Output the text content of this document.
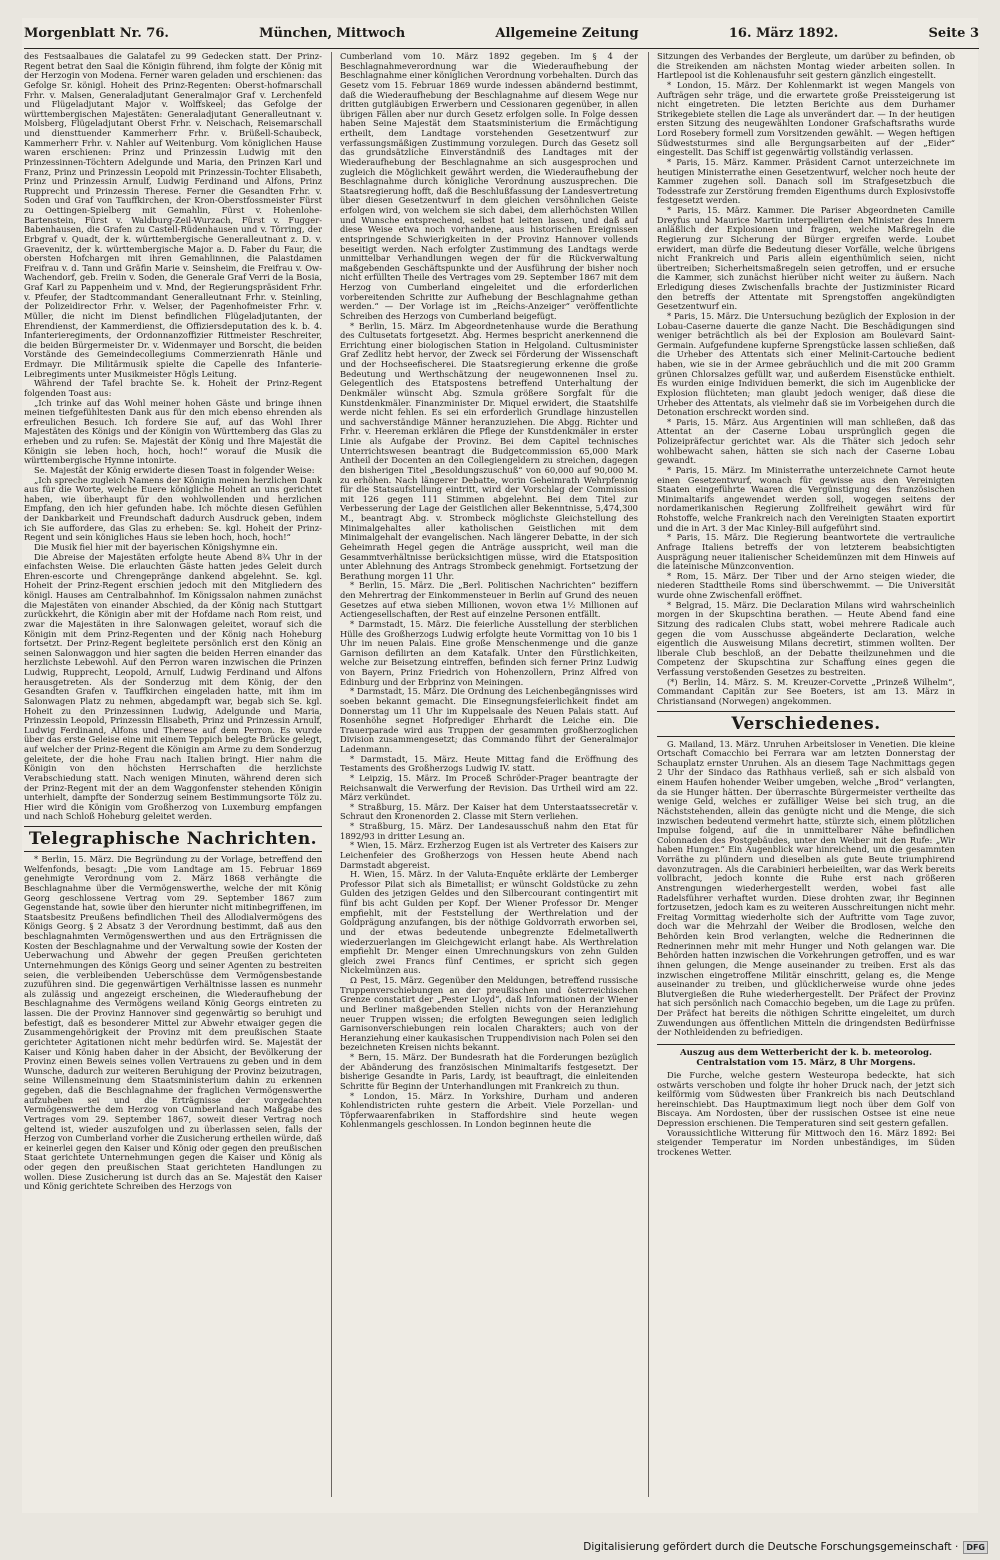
Morgenblatt Nr. 76.	München, Mittwoch	Allgemeine Zeitung	16. März 1892.	Seite 3

des Festsaalbaues die Galatafel zu 99 Gedecken statt. Der Prinz-Regent betrat den Saal die Königin führend, ihm folgte der König mit der Herzogin von Modena. Ferner waren geladen und erschienen: das Gefolge Sr. königl. Hoheit des Prinz-Regenten: Oberst-hofmarschall Frhr. v. Malsen, Generaladjutant Generalmajor Graf v. Lerchenfeld und Flügeladjutant Major v. Wolffskeel; das Gefolge der württembergischen Majestäten: Generaladjutant Generalleutnant v. Molsberg, Flügeladjutant Oberst Frhr. v. Neischach, Reisemarschall und diensttuender Kammerherr Frhr. v. Brüßell-Schaubeck, Kammerherr Frhr. v. Nahler auf Weitenburg. Vom königlichen Hause waren erschienen: Prinz und Prinzessin Ludwig mit den Prinzessinnen-Töchtern Adelgunde und Maria, den Prinzen Karl und Franz, Prinz und Prinzessin Leopold mit Prinzessin-Tochter Elisabeth, Prinz und Prinzessin Arnulf, Ludwig Ferdinand und Alfons, Prinz Rupprecht und Prinzessin Therese. Ferner die Gesandten Frhr. v. Soden und Graf von Tauffkirchen, der Kron-Oberstfossmeister Fürst zu Oettingen-Spielberg mit Gemahlin, Fürst v. Hohenlohe-Bartenstein, Fürst v. Waldburg-Zeil-Wurzach, Fürst v. Fugger-Babenhausen, die Grafen zu Castell-Rüdenhausen und v. Törring, der Erbgraf v. Quadt, der k. württembergische Generalleutnant z. D. v. Graevenitz, der k. württembergische Major a. D. Faber du Faur, die obersten Hofchargen mit ihren Gemahlinnen, die Palastdamen Freifrau v. d. Tann und Gräfin Marie v. Seinsheim, die Freifrau v. Ow-Wachendorf, geb. Freiin v. Soden, die Generale Graf Verri de la Bosia, Graf Karl zu Pappenheim und v. Mnd, der Regierungspräsident Frhr. v. Pfeufer, der Stadtcommandant Generalleutnant Frhr. v. Steinling, der Polizeidirector Frhr. v. Welser, der Pagenhofmeister Frhr. v. Müller, die nicht im Dienst befindlichen Flügeladjutanten, der Ehrendienst, der Kammerdienst, die Offiziersdeputation des k. b. 4. Infanterieregiments, der Ordonnanzoffizier Rittmeister Reschreiter, die beiden Bürgermeister Dr. v. Widenmayer und Borscht, die beiden Vorstände des Gemeindecollegiums Commerzienrath Hänle und Erdmayr. Die Militärmusik spielte die Capelle des Infanterie-Leibregiments unter Musikmeister Högls Leitung.

Während der Tafel brachte Se. k. Hoheit der Prinz-Regent folgenden Toast aus:

„Ich trinke auf das Wohl meiner hohen Gäste und bringe ihnen meinen tiefgefühltesten Dank aus für den mich ebenso ehrenden als erfreulichen Besuch. Ich fordere Sie auf, auf das Wohl Ihrer Majestäten des Königs und der Königin von Württemberg das Glas zu erheben und zu rufen: Se. Majestät der König und Ihre Majestät die Königin sie leben hoch, hoch, hoch!“ worauf die Musik die württembergische Hymne intonirte.

Se. Majestät der König erwiderte diesen Toast in folgender Weise:

„Ich spreche zugleich Namens der Königin meinen herzlichen Dank aus für die Worte, welche Euere königliche Hoheit an uns gerichtet haben, wie überhaupt für den wohlwollenden und herzlichen Empfang, den ich hier gefunden habe. Ich möchte diesen Gefühlen der Dankbarkeit und Freundschaft dadurch Ausdruck geben, indem ich Sie auffordere, das Glas zu erheben: Se. kgl. Hoheit der Prinz-Regent und sein königliches Haus sie leben hoch, hoch, hoch!“

Die Musik fiel hier mit der bayerischen Königshymne ein.

Die Abreise der Majestäten erfolgte heute Abend 8¾ Uhr in der einfachsten Weise. Die erlauchten Gäste hatten jedes Geleit durch Ehren-escorte und Chrengepränge dankend abgelehnt. Se. kgl. Hoheit der Prinz-Regent erschien jedoch mit den Mitgliedern des königl. Hauses am Centralbahnhof. Im Königssalon nahmen zunächst die Majestäten von einander Abschied, da der König nach Stuttgart zurückkehrt, die Königin aber mit der Hofdame nach Rom reist, und zwar die Majestäten in ihre Salonwagen geleitet, worauf sich die Königin mit dem Prinz-Regenten und der König nach Hoheburg fortsetzt. Der Prinz-Regent begleitete persönlich erst den König an seinen Salonwaggon und hier sagten die beiden Herren einander das herzlichste Lebewohl. Auf den Perron waren inzwischen die Prinzen Ludwig, Rupprecht, Leopold, Arnulf, Ludwig Ferdinand und Alfons herausgetreten. Als der Sonderzug mit dem König, der den Gesandten Grafen v. Tauffkirchen eingeladen hatte, mit ihm im Salonwagen Platz zu nehmen, abgedampft war, begab sich Se. kgl. Hoheit zu den Prinzessinnen Ludwig, Adelgunde und Maria, Prinzessin Leopold, Prinzessin Elisabeth, Prinz und Prinzessin Arnulf, Ludwig Ferdinand, Alfons und Therese auf dem Perron. Es wurde über das erste Geleise eine mit einem Teppich belegte Brücke gelegt, auf welcher der Prinz-Regent die Königin am Arme zu dem Sonderzug geleitete, der die hohe Frau nach Italien bringt. Hier nahm die Königin von den höchsten Herrschaften die herzlichste Verabschiedung statt. Nach wenigen Minuten, während deren sich der Prinz-Regent mit der an dem Waggonfenster stehenden Königin unterhielt, dampfte der Sonderzug seinem Bestimmungsorte Tölz zu. Hier wird die Königin vom Großherzog von Luxemburg empfangen und nach Schloß Hoheburg geleitet werden.

Telegraphische Nachrichten.

* Berlin, 15. März. Die Begründung zu der Vorlage, betreffend den Welfenfonds, besagt: „Die vom Landtage am 15. Februar 1869 genehmigte Verordnung vom 2. März 1868 verhängte die Beschlagnahme über die Vermögenswerthe, welche der mit König Georg geschlossene Vertrag vom 29. September 1867 zum Gegenstande hat, sowie über den hierunter nicht mitinbegriffenen, im Staatsbesitz Preußens befindlichen Theil des Allodialvermögens des Königs Georg. § 2 Absatz 3 der Verordnung bestimmt, daß aus den beschlagnahmten Vermögenswerthen und aus den Erträgnissen die Kosten der Beschlagnahme und der Verwaltung sowie der Kosten der Ueberwachung und Abwehr der gegen Preußen gerichteten Unternehmungen des Königs Georg und seiner Agenten zu bestreiten seien, die verbleibenden Ueberschüsse dem Vermögensbestande zuzuführen sind. Die gegenwärtigen Verhältnisse lassen es nunmehr als zulässig und angezeigt erscheinen, die Wiederaufhebung der Beschlagnahme des Vermögens weiland König Georgs eintreten zu lassen. Die der Provinz Hannover sind gegenwärtig so beruhigt und befestigt, daß es besonderer Mittel zur Abwehr etwaiger gegen die Zusammengehörigkeit der Provinz mit dem preußischen Staate gerichteter Agitationen nicht mehr bedürfen wird. Se. Majestät der Kaiser und König haben daher in der Absicht, der Bevölkerung der Provinz einen Beweis seines vollen Vertrauens zu geben und in dem Wunsche, dadurch zur weiteren Beruhigung der Provinz beizutragen, seine Willensmeinung dem Staatsministerium dahin zu erkennen gegeben, daß die Beschlagnahme der fraglichen Vermögenswerthe aufzuheben sei und die Erträgnisse der vorgedachten Vermögenswerthe dem Herzog von Cumberland nach Maßgabe des Vertrages vom 29. September 1867, soweit dieser Vertrag noch geltend ist, wieder auszufolgen und zu überlassen seien, falls der Herzog von Cumberland vorher die Zusicherung ertheilen würde, daß er keinerlei gegen den Kaiser und König oder gegen den preußischen Staat gerichtete Unternehmungen gegen die Kaiser und König als oder gegen den preußischen Staat gerichteten Handlungen zu wollen. Diese Zusicherung ist durch das an Se. Majestät den Kaiser und König gerichtete Schreiben des Herzogs von

Cumberland vom 10. März 1892 gegeben. Im § 4 der Beschlagnahmeverordnung war die Wiederaufhebung der Beschlagnahme einer königlichen Verordnung vorbehalten. Durch das Gesetz vom 15. Februar 1869 wurde indessen abändernd bestimmt, daß die Wiederaufhebung der Beschlagnahme auf diesem Wege nur dritten gutgläubigen Erwerbern und Cessionaren gegenüber, in allen übrigen Fällen aber nur durch Gesetz erfolgen solle. In Folge dessen haben Seine Majestät dem Staatsministerium die Ermächtigung ertheilt, dem Landtage vorstehenden Gesetzentwurf zur verfassungsmäßigen Zustimmung vorzulegen. Durch das Gesetz soll das grundsätzliche Einverständniß des Landtages mit der Wiederaufhebung der Beschlagnahme an sich ausgesprochen und zugleich die Möglichkeit gewährt werden, die Wiederaufhebung der Beschlagnahme durch königliche Verordnung auszusprechen. Die Staatsregierung hofft, daß die Beschlußfassung der Landesvertretung über diesen Gesetzentwurf in dem gleichen versöhnlichen Geiste erfolgen wird, von welchem sie sich dabei, dem allerhöchsten Willen und Wunsche entsprechend, selbst hat leiten lassen, und daß auf diese Weise etwa noch vorhandene, aus historischen Ereignissen entspringende Schwierigkeiten in der Provinz Hannover vollends beseitigt werden. Nach erfolgter Zustimmung des Landtags werde unmittelbar Verhandlungen wegen der für die Rückverwaltung maßgebenden Geschäftspunkte und der Ausführung der bisher noch nicht erfüllten Theile des Vertrages vom 29. September 1867 mit dem Herzog von Cumberland eingeleitet und die erforderlichen vorbereitenden Schritte zur Aufhebung der Beschlagnahme gethan werden.“ — Der Vorlage ist im „Reichs-Anzeiger“ veröffentlichte Schreiben des Herzogs von Cumberland beigefügt.

* Berlin, 15. März. Im Abgeordnetenhause wurde die Berathung des Cultusetats fortgesetzt. Abg. Hermes bespricht anerkennend die Errichtung einer biologischen Station in Helgoland. Cultusminister Graf Zedlitz hebt hervor, der Zweck sei Förderung der Wissenschaft und der Hochseefischerei. Die Staatsregierung erkenne die große Bedeutung und Werthschätzung der neugewonnenen Insel zu. Gelegentlich des Etatspostens betreffend Unterhaltung der Denkmäler wünscht Abg. Szmula größere Sorgfalt für die Kunstdenkmäler. Finanzminister Dr. Miquel erwidert, die Staatshilfe werde nicht fehlen. Es sei ein erforderlich Grundlage hinzustellen und sachverständige Männer heranzuziehen. Die Abgg. Richter und Frhr. v. Heereman erklären die Pflege der Kunstdenkmäler in erster Linie als Aufgabe der Provinz. Bei dem Capitel technisches Unterrichtswesen beantragt die Budgetcommission 65,000 Mark Antheil der Docenten an den Collegiengeldern zu streichen, dagegen den bisherigen Titel „Besoldungszuschuß“ von 60,000 auf 90,000 M. zu erhöhen. Nach längerer Debatte, worin Geheimrath Wehrpfennig für die Statsaufstellung eintritt, wird der Vorschlag der Commission mit 126 gegen 111 Stimmen abgelehnt. Bei dem Titel zur Verbesserung der Lage der Geistlichen aller Bekenntnisse, 5,474,300 M., beantragt Abg. v. Strombeck möglichste Gleichstellung des Minimalgehaltes aller katholischen Geistlichen mit dem Minimalgehalt der evangelischen. Nach längerer Debatte, in der sich Geheimrath Hegel gegen die Anträge ausspricht, weil man die Gesammtverhältnisse berücksichtigen müsse, wird die Etatsposition unter Ablehnung des Antrags Strombeck genehmigt. Fortsetzung der Berathung morgen 11 Uhr.

* Berlin, 15. März. Die „Berl. Politischen Nachrichten“ beziffern den Mehrertrag der Einkommensteuer in Berlin auf Grund des neuen Gesetzes auf etwa sieben Millionen, wovon etwa 1½ Millionen auf Actiengesellschaften, der Rest auf einzelne Personen entfällt.

* Darmstadt, 15. März. Die feierliche Ausstellung der sterblichen Hülle des Großherzogs Ludwig erfolgte heute Vormittag von 10 bis 1 Uhr im neuen Palais. Eine große Menschenmenge und die ganze Garnison defilirten an dem Katafalk. Unter den Fürstlichkeiten, welche zur Beisetzung eintreffen, befinden sich ferner Prinz Ludwig von Bayern, Prinz Friedrich von Hohenzollern, Prinz Alfred von Edinburg und der Erbprinz von Meiningen.

* Darmstadt, 15. März. Die Ordnung des Leichenbegängnisses wird soeben bekannt gemacht. Die Einsegnungsfeierlichkeit findet am Donnerstag um 11 Uhr im Kuppelsaale des Neuen Palais statt. Auf Rosenhöhe segnet Hofprediger Ehrhardt die Leiche ein. Die Trauerparade wird aus Truppen der gesammten großherzoglichen Division zusammengesetzt; das Commando führt der Generalmajor Ladenmann.

* Darmstadt, 15. März. Heute Mittag fand die Eröffnung des Testaments des Großherzogs Ludwig IV. statt.

* Leipzig, 15. März. Im Proceß Schröder-Prager beantragte der Reichsanwalt die Verwerfung der Revision. Das Urtheil wird am 22. März verkündet.

* Straßburg, 15. März. Der Kaiser hat dem Unterstaatssecretär v. Schraut den Kronenorden 2. Classe mit Stern verliehen.

* Straßburg, 15. März. Der Landesausschuß nahm den Etat für 1892/93 in dritter Lesung an.

* Wien, 15. März. Erzherzog Eugen ist als Vertreter des Kaisers zur Leichenfeier des Großherzogs von Hessen heute Abend nach Darmstadt abgereist.

H. Wien, 15. März. In der Valuta-Enquête erklärte der Lemberger Professor Pilat sich als Bimetallist; er wünscht Goldstücke zu zehn Gulden des jetzigen Geldes und den Silbercourant contingentirt mit fünf bis acht Gulden per Kopf. Der Wiener Professor Dr. Menger empfiehlt, mit der Feststellung der Werthrelation und der Goldprägung anzufangen, bis der nöthige Goldvorrath erworben sei, und der etwas bedeutende unbegrenzte Edelmetallwerth wiederzuerlangen im Gleichgewicht erlangt habe. Als Werthrelation empfiehlt Dr. Menger einen Umrechnungskurs von zehn Gulden gleich zwei Francs fünf Centimes, er spricht sich gegen Nickelmünzen aus.

Ω Pest, 15. März. Gegenüber den Meldungen, betreffend russische Truppenverschiebungen an der preußischen und österreichischen Grenze constatirt der „Pester Lloyd“, daß Informationen der Wiener und Berliner maßgebenden Stellen nichts von der Heranziehung neuer Truppen wissen; die erfolgten Bewegungen seien lediglich Garnisonverschiebungen rein localen Charakters; auch von der Heranziehung einer kaukasischen Truppendivision nach Polen sei den bezeichneten Kreisen nichts bekannt.

* Bern, 15. März. Der Bundesrath hat die Forderungen bezüglich der Abänderung des französischen Minimaltarifs festgesetzt. Der bisherige Gesandte in Paris, Lardy, ist beauftragt, die einleitenden Schritte für Beginn der Unterhandlungen mit Frankreich zu thun.

* London, 15. März. In Yorkshire, Durham und anderen Kohlendistricten ruhte gestern die Arbeit. Viele Porzellan- und Töpferwaarenfabriken in Staffordshire sind heute wegen Kohlenmangels geschlossen. In London beginnen heute die

Sitzungen des Verbandes der Bergleute, um darüber zu befinden, ob die Streikenden am nächsten Montag wieder arbeiten sollen. In Hartlepool ist die Kohlenausfuhr seit gestern gänzlich eingestellt.

* London, 15. März. Der Kohlenmarkt ist wegen Mangels von Aufträgen sehr träge, und die erwartete große Preissteigerung ist nicht eingetreten. Die letzten Berichte aus dem Durhamer Strikegebiete stellen die Lage als unverändert dar. — In der heutigen ersten Sitzung des neugewählten Londoner Grafschaftsraths wurde Lord Rosebery formell zum Vorsitzenden gewählt. — Wegen heftigen Südweststurmes sind alle Bergungsarbeiten auf der „Eider“ eingestellt. Das Schiff ist gegenwärtig vollständig verlassen.

* Paris, 15. März. Kammer. Präsident Carnot unterzeichnete im heutigen Ministerrathe einen Gesetzentwurf, welcher noch heute der Kammer zugehen soll. Danach soll im Strafgesetzbuch die Todesstrafe zur Zerstörung fremden Eigenthums durch Explosivstoffe festgesetzt werden.

* Paris, 15. März. Kammer. Die Pariser Abgeordneten Camille Dreyfus und Maurice Martin interpellirten den Minister des Innern anläßlich der Explosionen und fragen, welche Maßregeln die Regierung zur Sicherung der Bürger ergreifen werde. Loubet erwidert, man dürfe die Bedeutung dieser Vorfälle, welche übrigens nicht Frankreich und Paris allein eigenthümlich seien, nicht übertreiben; Sicherheitsmaßregeln seien getroffen, und er ersuche die Kammer, sich zunächst hierüber nicht weiter zu äußern. Nach Erledigung dieses Zwischenfalls brachte der Justizminister Ricard den betreffs der Attentate mit Sprengstoffen angekündigten Gesetzentwurf ein.

* Paris, 15. März. Die Untersuchung bezüglich der Explosion in der Lobau-Caserne dauerte die ganze Nacht. Die Beschädigungen sind weniger beträchtlich als bei der Explosion am Boulevard Saint-Germain. Aufgefundene kupferne Sprengstücke lassen schließen, daß die Urheber des Attentats sich einer Melinit-Cartouche bedient haben, wie sie in der Armee gebräuchlich und die mit 200 Gramm grünen Chlorsalzes gefüllt war, und außerdem Eisenstücke enthielt. Es wurden einige Individuen bemerkt, die sich im Augenblicke der Explosion flüchteten; man glaubt jedoch weniger, daß diese die Urheber des Attentats, als vielmehr daß sie im Vorbeigehen durch die Detonation erschreckt worden sind.

* Paris, 15. März. Aus Argentinien will man schließen, daß das Attentat an der Caserne Lobau ursprünglich gegen die Polizeipräfectur gerichtet war. Als die Thäter sich jedoch sehr wohlbewacht sahen, hätten sie sich nach der Caserne Lobau gewandt.

* Paris, 15. März. Im Ministerrathe unterzeichnete Carnot heute einen Gesetzentwurf, wonach für gewisse aus den Vereinigten Staaten eingeführte Waaren die Vergünstigung des französischen Minimaltarifs angewendet werden soll, wogegen seitens der nordamerikanischen Regierung Zollfreiheit gewährt wird für Rohstoffe, welche Frankreich nach den Vereinigten Staaten exportirt und die in Art. 3 der Mac Kinley-Bill aufgeführt sind.

* Paris, 15. März. Die Regierung beantwortete die vertrauliche Anfrage Italiens betreffs der von letzterem beabsichtigten Ausprägung neuer italienischer Scheidemünzen mit dem Hinweis auf die lateinische Münzconvention.

* Rom, 15. März. Der Tiber und der Arno steigen wieder, die niederen Stadttheile Roms sind überschwemmt. — Die Universität wurde ohne Zwischenfall eröffnet.

* Belgrad, 15. März. Die Declaration Milans wird wahrscheinlich morgen in der Skupschtina berathen. — Heute Abend fand eine Sitzung des radicalen Clubs statt, wobei mehrere Radicale auch gegen die vom Ausschusse abgeänderte Declaration, welche eigentlich die Ausweisung Milans decretirt, stimmen wollten. Der liberale Club beschloß, an der Debatte theilzunehmen und die Competenz der Skupschtina zur Schaffung eines gegen die Verfassung verstoßenden Gesetzes zu bestreiten.

(*) Berlin, 14. März. S. M. Kreuzer-Corvette „Prinzeß Wilhelm“, Commandant Capitän zur See Boeters, ist am 13. März in Christiansand (Norwegen) angekommen.

Verschiedenes.

G. Mailand, 13. März. Unruhen Arbeitsloser in Venetien. Die kleine Ortschaft Comacchio bei Ferrara war am letzten Donnerstag der Schauplatz ernster Unruhen. Als an diesem Tage Nachmittags gegen 2 Uhr der Sindaco das Rathhaus verließ, sah er sich alsbald von einem Haufen hohender Weiber umgeben, welche „Brod“ verlangten, da sie Hunger hätten. Der überraschte Bürgermeister vertheilte das wenige Geld, welches er zufälliger Weise bei sich trug, an die Nächststehenden, allein das genügte nicht und die Menge, die sich inzwischen bedeutend vermehrt hatte, stürzte sich, einem plötzlichen Impulse folgend, auf die in unmittelbarer Nähe befindlichen Colonnaden des Postgebäudes, unter den Weiber mit den Rufe: „Wir haben Hunger.“ Ein Augenblick war hinreichend, um die gesammten Vorräthe zu plündern und dieselben als gute Beute triumphirend davonzutragen. Als die Carabinieri herbeieilten, war das Werk bereits vollbracht, jedoch konnte die Ruhe erst nach größeren Anstrengungen wiederhergestellt werden, wobei fast alle Radelsführer verhaftet wurden. Diese drohten zwar, ihr Beginnen fortzusetzen, jedoch kam es zu weiteren Ausschreitungen nicht mehr. Freitag Vormittag wiederholte sich der Auftritte vom Tage zuvor, doch war die Mehrzahl der Weiber die Brodlosen, welche den Behörden kein Brod verlangten, welche die Rednerinnen die Rednerinnen mehr mit mehr Hunger und Noth gelangen war. Die Behörden hatten inzwischen die Vorkehrungen getroffen, und es war ihnen gelungen, die Menge auseinander zu treiben. Erst als das inzwischen eingetroffene Militär einschritt, gelang es, die Menge auseinander zu treiben, und glücklicherweise wurde ohne jedes Blutvergießen die Ruhe wiederhergestellt. Der Präfect der Provinz hat sich persönlich nach Comacchio begeben, um die Lage zu prüfen. Der Präfect hat bereits die nöthigen Schritte eingeleitet, um durch Zuwendungen aus öffentlichen Mitteln die dringendsten Bedürfnisse der Nothleidenden zu befriedigen.

Auszug aus dem Wetterbericht der k. b. meteorolog. Centralstation vom 15. März, 8 Uhr Morgens.

Die Furche, welche gestern Westeuropa bedeckte, hat sich ostwärts verschoben und folgte ihr hoher Druck nach, der jetzt sich keilförmig vom Südwesten über Frankreich bis nach Deutschland hereinschiebt. Das Hauptmaximum liegt noch über dem Golf von Biscaya. Am Nordosten, über der russischen Ostsee ist eine neue Depression erschienen. Die Temperaturen sind seit gestern gefallen.

Voraussichtliche Witterung für Mittwoch den 16. März 1892: Bei steigender Temperatur im Norden unbeständiges, im Süden trockenes Wetter.

Digitalisierung gefördert durch die Deutsche Forschungsgemeinschaft ·	DFG
